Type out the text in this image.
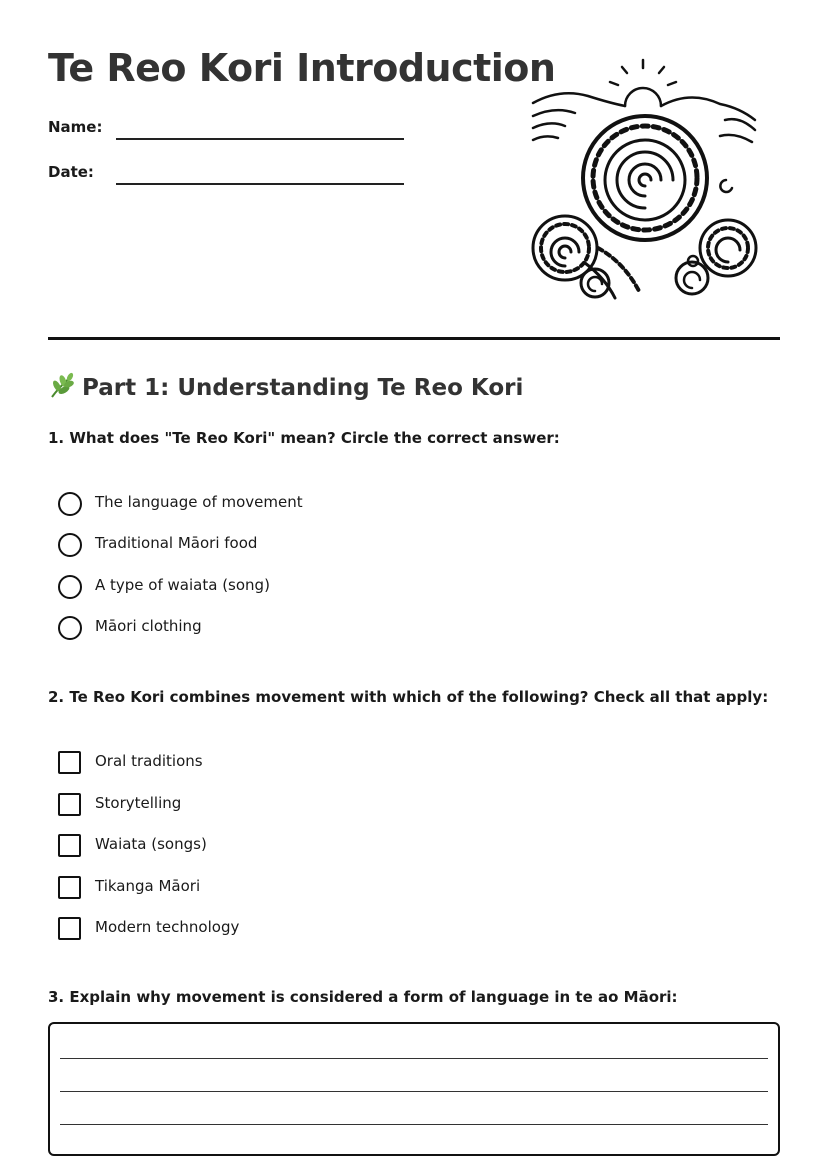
Te Reo Kori Introduction
Name:
Date:
Part 1: Understanding Te Reo Kori

1. What does "Te Reo Kori" mean? Circle the correct answer:

The language of movement
Traditional Māori food
A type of waiata (song)
Māori clothing

2. Te Reo Kori combines movement with which of the following? Check all that apply:

Oral traditions
Storytelling
Waiata (songs)
Tikanga Māori
Modern technology

3. Explain why movement is considered a form of language in te ao Māori:
